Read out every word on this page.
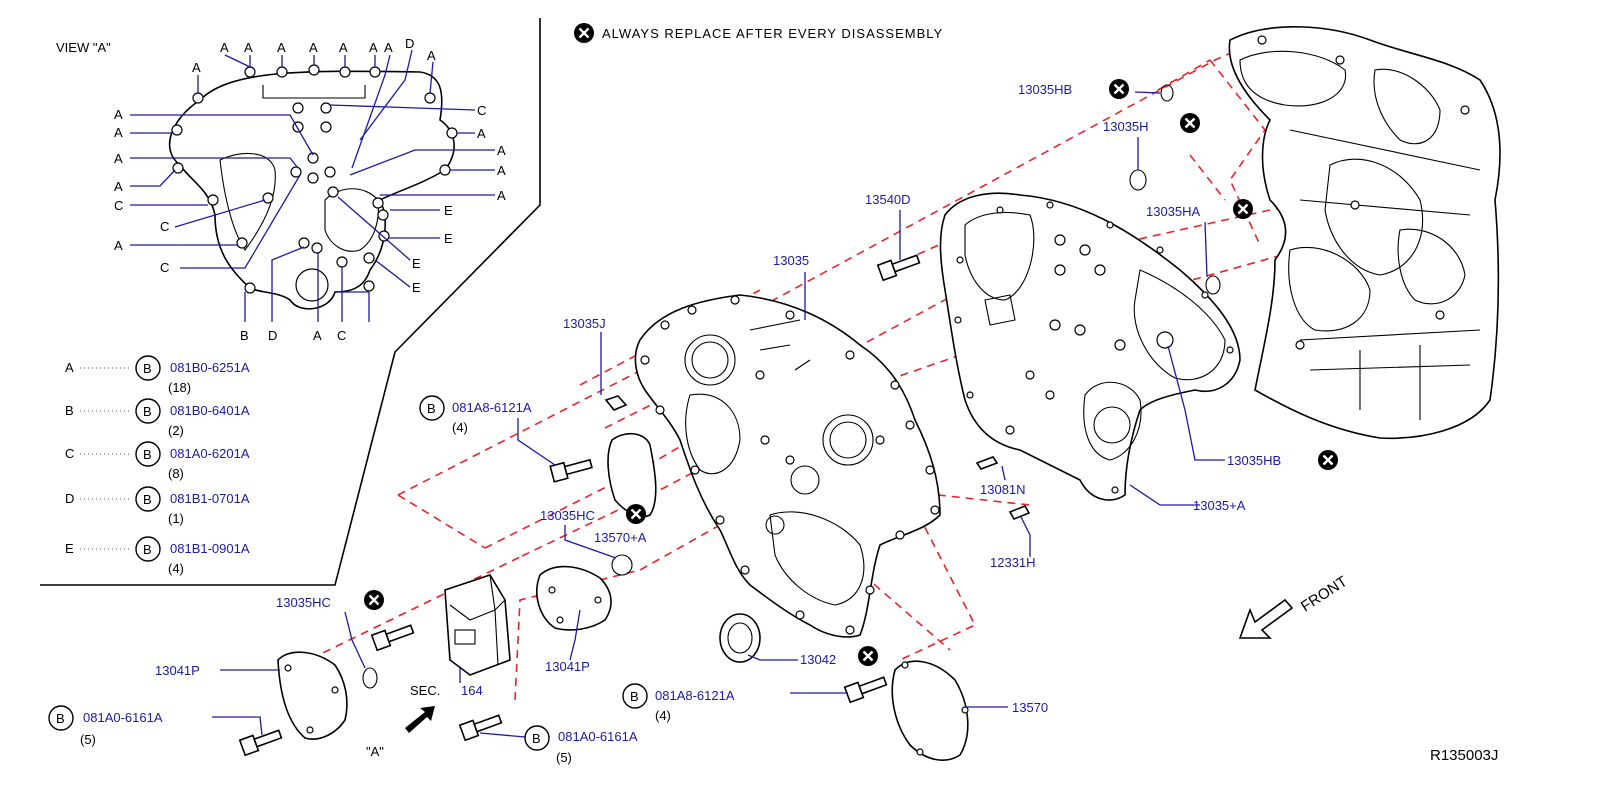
VIEW "A"
A
A A A A A A D
A
A
A	C
A	A
A
A
A
A
C
A
C
E
A	E
C	E
B D	A C
E
A	B 081B0-6251A
(18)
B	B 081B0-6401A
(2)
C	B 081A0-6201A
(8)
D	B 081B1-0701A
(1)
E	B 081B1-0901A
(4)
ALWAYS REPLACE AFTER EVERY DISASSEMBLY
13035HB
13035H
13540D
13035HA
13035
13035J
081A8-6121A
(4)
13035HC
13570+A
13035HB
13081N
13035+A
12331H
13035HC
13041P	13041P
081A0-6161A
(5)	081A0-6161A
(5)
13042
081A8-6121A
(4)
13570
SEC. 164
"A"	R135003J
B
B
B
B
FRONT
